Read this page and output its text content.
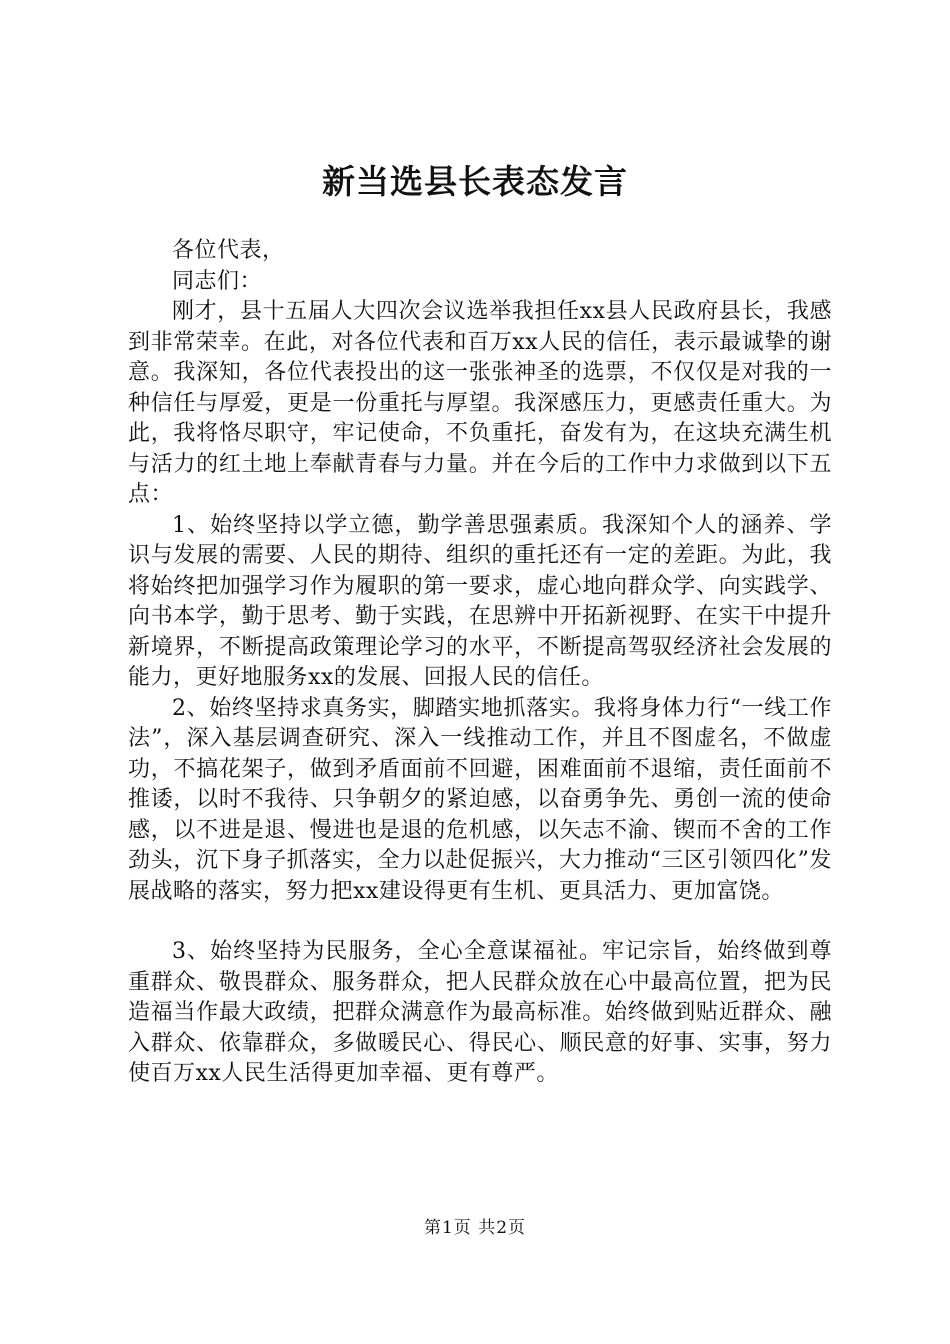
新当选县长表态发言

各位代表，

同志们：

刚才，县十五届人大四次会议选举我担任xx县人民政府县长，我感到非常荣幸。在此，对各位代表和百万xx人民的信任，表示最诚挚的谢意。我深知，各位代表投出的这一张张神圣的选票，不仅仅是对我的一种信任与厚爱，更是一份重托与厚望。我深感压力，更感责任重大。为此，我将恪尽职守，牢记使命，不负重托，奋发有为，在这块充满生机与活力的红土地上奉献青春与力量。并在今后的工作中力求做到以下五点：

1、始终坚持以学立德，勤学善思强素质。我深知个人的涵养、学识与发展的需要、人民的期待、组织的重托还有一定的差距。为此，我将始终把加强学习作为履职的第一要求，虚心地向群众学、向实践学、向书本学，勤于思考、勤于实践，在思辨中开拓新视野、在实干中提升新境界，不断提高政策理论学习的水平，不断提高驾驭经济社会发展的能力，更好地服务xx的发展、回报人民的信任。

2、始终坚持求真务实，脚踏实地抓落实。我将身体力行“一线工作法”，深入基层调查研究、深入一线推动工作，并且不图虚名，不做虚功，不搞花架子，做到矛盾面前不回避，困难面前不退缩，责任面前不推诿，以时不我待、只争朝夕的紧迫感，以奋勇争先、勇创一流的使命感，以不进是退、慢进也是退的危机感，以矢志不渝、锲而不舍的工作劲头，沉下身子抓落实，全力以赴促振兴，大力推动“三区引领四化”发展战略的落实，努力把xx建设得更有生机、更具活力、更加富饶。

3、始终坚持为民服务，全心全意谋福祉。牢记宗旨，始终做到尊重群众、敬畏群众、服务群众，把人民群众放在心中最高位置，把为民造福当作最大政绩，把群众满意作为最高标准。始终做到贴近群众、融入群众、依靠群众，多做暖民心、得民心、顺民意的好事、实事，努力使百万xx人民生活得更加幸福、更有尊严。

第1页 共2页
